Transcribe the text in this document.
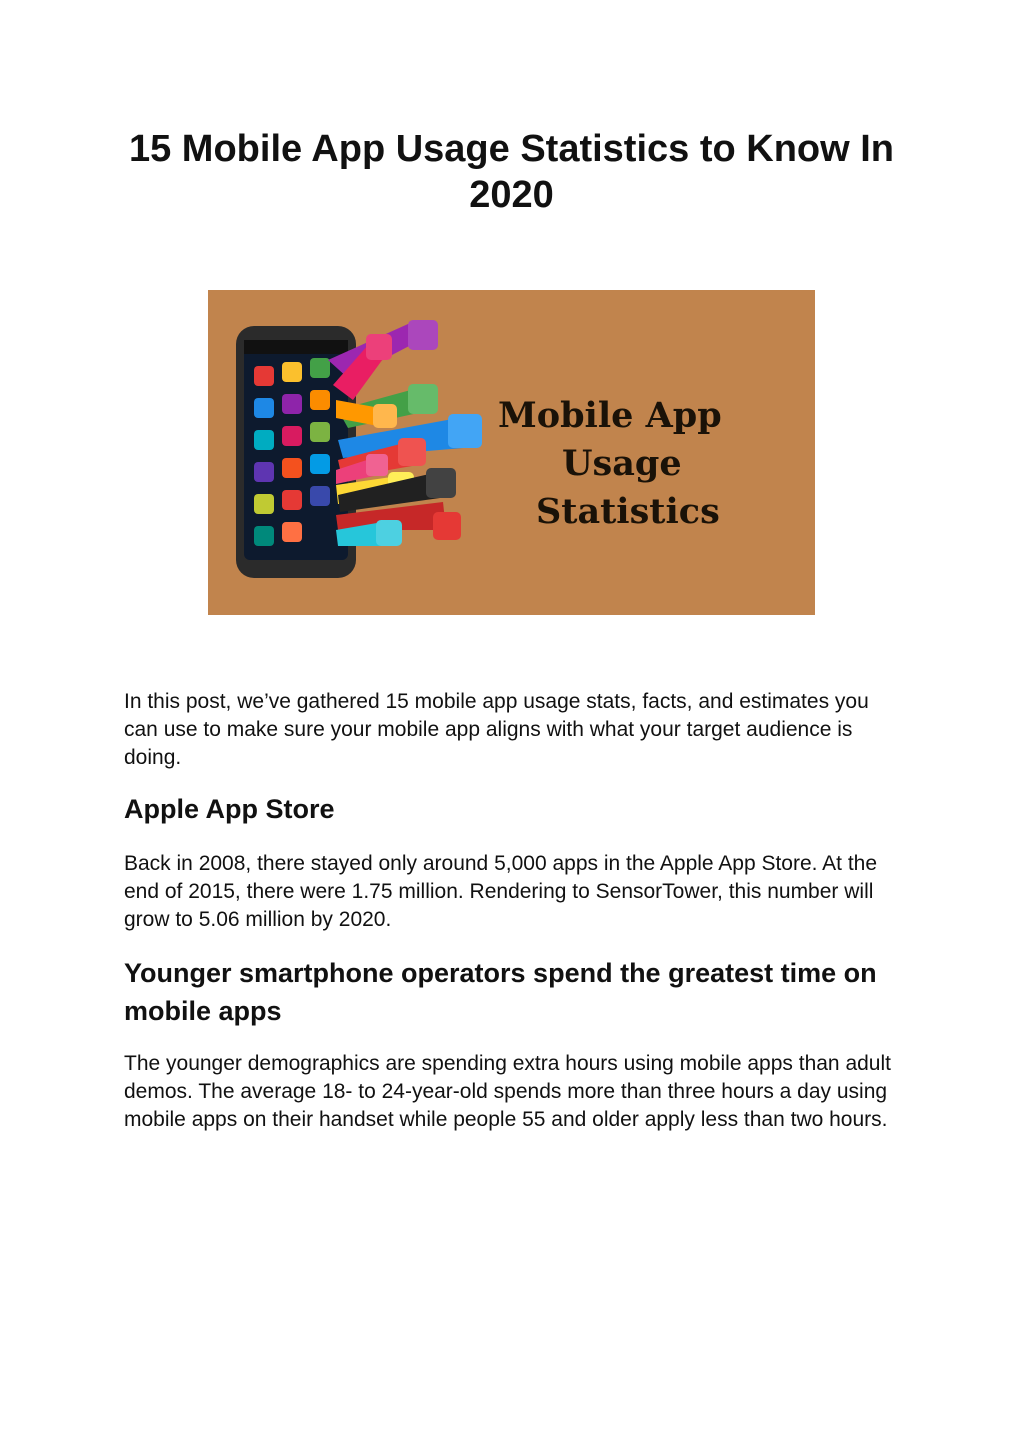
15 Mobile App Usage Statistics to Know In 2020
Mobile App
Usage
Statistics

In this post, we’ve gathered 15 mobile app usage stats, facts, and estimates you can use to make sure your mobile app aligns with what your target audience is doing.

Apple App Store

Back in 2008, there stayed only around 5,000 apps in the Apple App Store. At the end of 2015, there were 1.75 million. Rendering to SensorTower, this number will grow to 5.06 million by 2020.

Younger smartphone operators spend the greatest time on mobile apps

The younger demographics are spending extra hours using mobile apps than adult demos. The average 18- to 24-year-old spends more than three hours a day using mobile apps on their handset while people 55 and older apply less than two hours.
